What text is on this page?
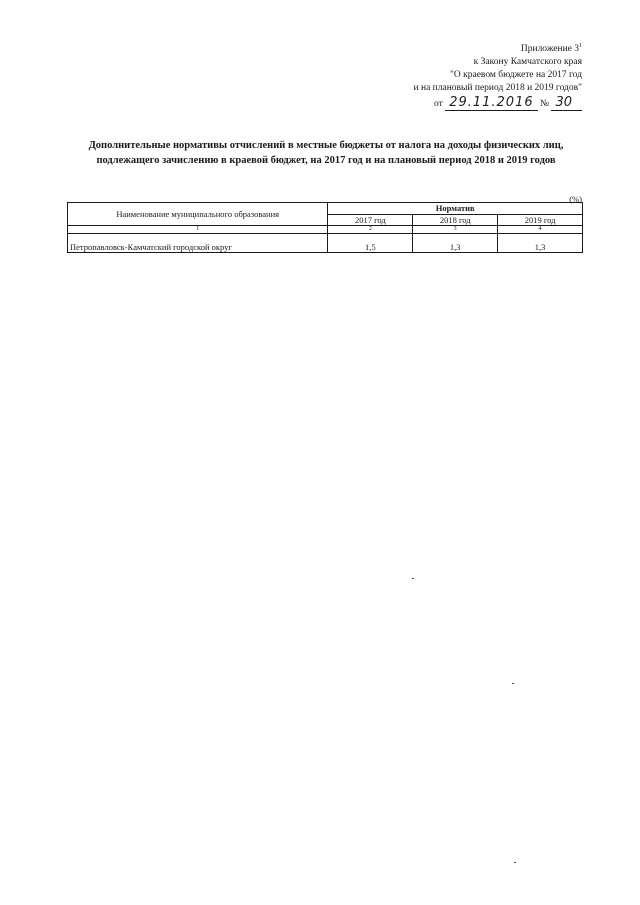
Приложение $3^1$
к Закону Камчатского края
"О краевом бюджете на 2017 год
и на плановый период 2018 и 2019 годов"
от 29.11.2016 № 30
Дополнительные нормативы отчислений в местные бюджеты от налога на доходы физических лиц, подлежащего зачислению в краевой бюджет, на 2017 год и на плановый период 2018 и 2019 годов
(%)
Наименование муниципального образования	Норматив		
	2017 год	2018 год	2019 год
1	2	3	4
Петропавловск-Камчатский городской округ	1,5	1,3	1,3
